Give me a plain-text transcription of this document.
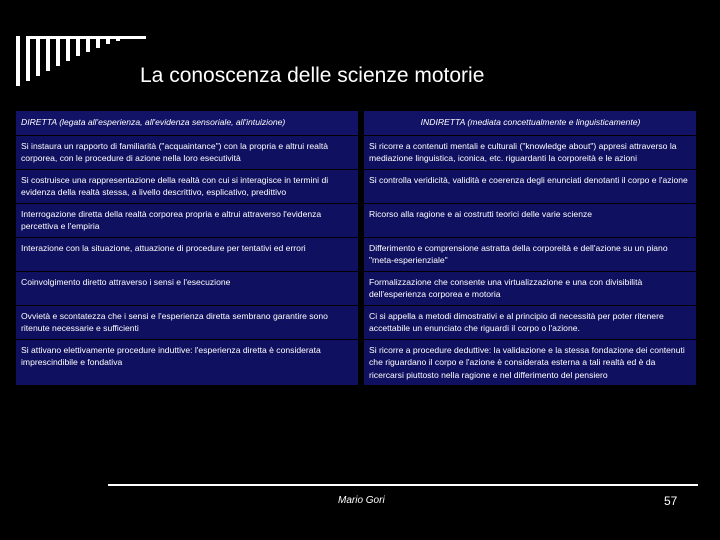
La conoscenza delle scienze motorie
DIRETTA (legata all'esperienza, all'evidenza sensoriale, all'intuizione)	INDIRETTA (mediata concettualmente e linguisticamente)
Si instaura un rapporto di familiarità ("acquaintance") con la propria e altrui realtà corporea, con le procedure di azione nella loro esecutività	Si ricorre a contenuti mentali e culturali ("knowledge about") appresi attraverso la mediazione linguistica, iconica, etc. riguardanti la corporeità e le azioni
Si costruisce una rappresentazione della realtà con cui si interagisce in termini di evidenza della realtà stessa, a livello descrittivo, esplicativo, predittivo	Si controlla veridicità, validità e coerenza degli enunciati denotanti il corpo e l'azione
Interrogazione diretta della realtà corporea propria e altrui attraverso l'evidenza percettiva e l'empiria	Ricorso alla ragione e ai costrutti teorici delle varie scienze
Interazione con la situazione, attuazione di procedure per tentativi ed errori	Differimento e comprensione astratta della corporeità e dell'azione su un piano "meta-esperienziale"
Coinvolgimento diretto attraverso i sensi e l'esecuzione	Formalizzazione che consente una virtualizzazione e una con divisibilità dell'esperienza corporea e motoria
Ovvietà e scontatezza che i sensi e l'esperienza diretta sembrano garantire sono ritenute necessarie e sufficienti	Ci si appella a metodi dimostrativi e al principio di necessità per poter ritenere accettabile un enunciato che riguardi il corpo o l'azione.
Si attivano elettivamente procedure induttive: l'esperienza diretta è considerata imprescindibile e fondativa	Si ricorre a procedure deduttive: la validazione e la stessa fondazione dei contenuti che riguardano il corpo e l'azione è considerata esterna a tali realtà ed è da ricercarsi piuttosto nella ragione e nel differimento del pensiero
Mario Gori	57
